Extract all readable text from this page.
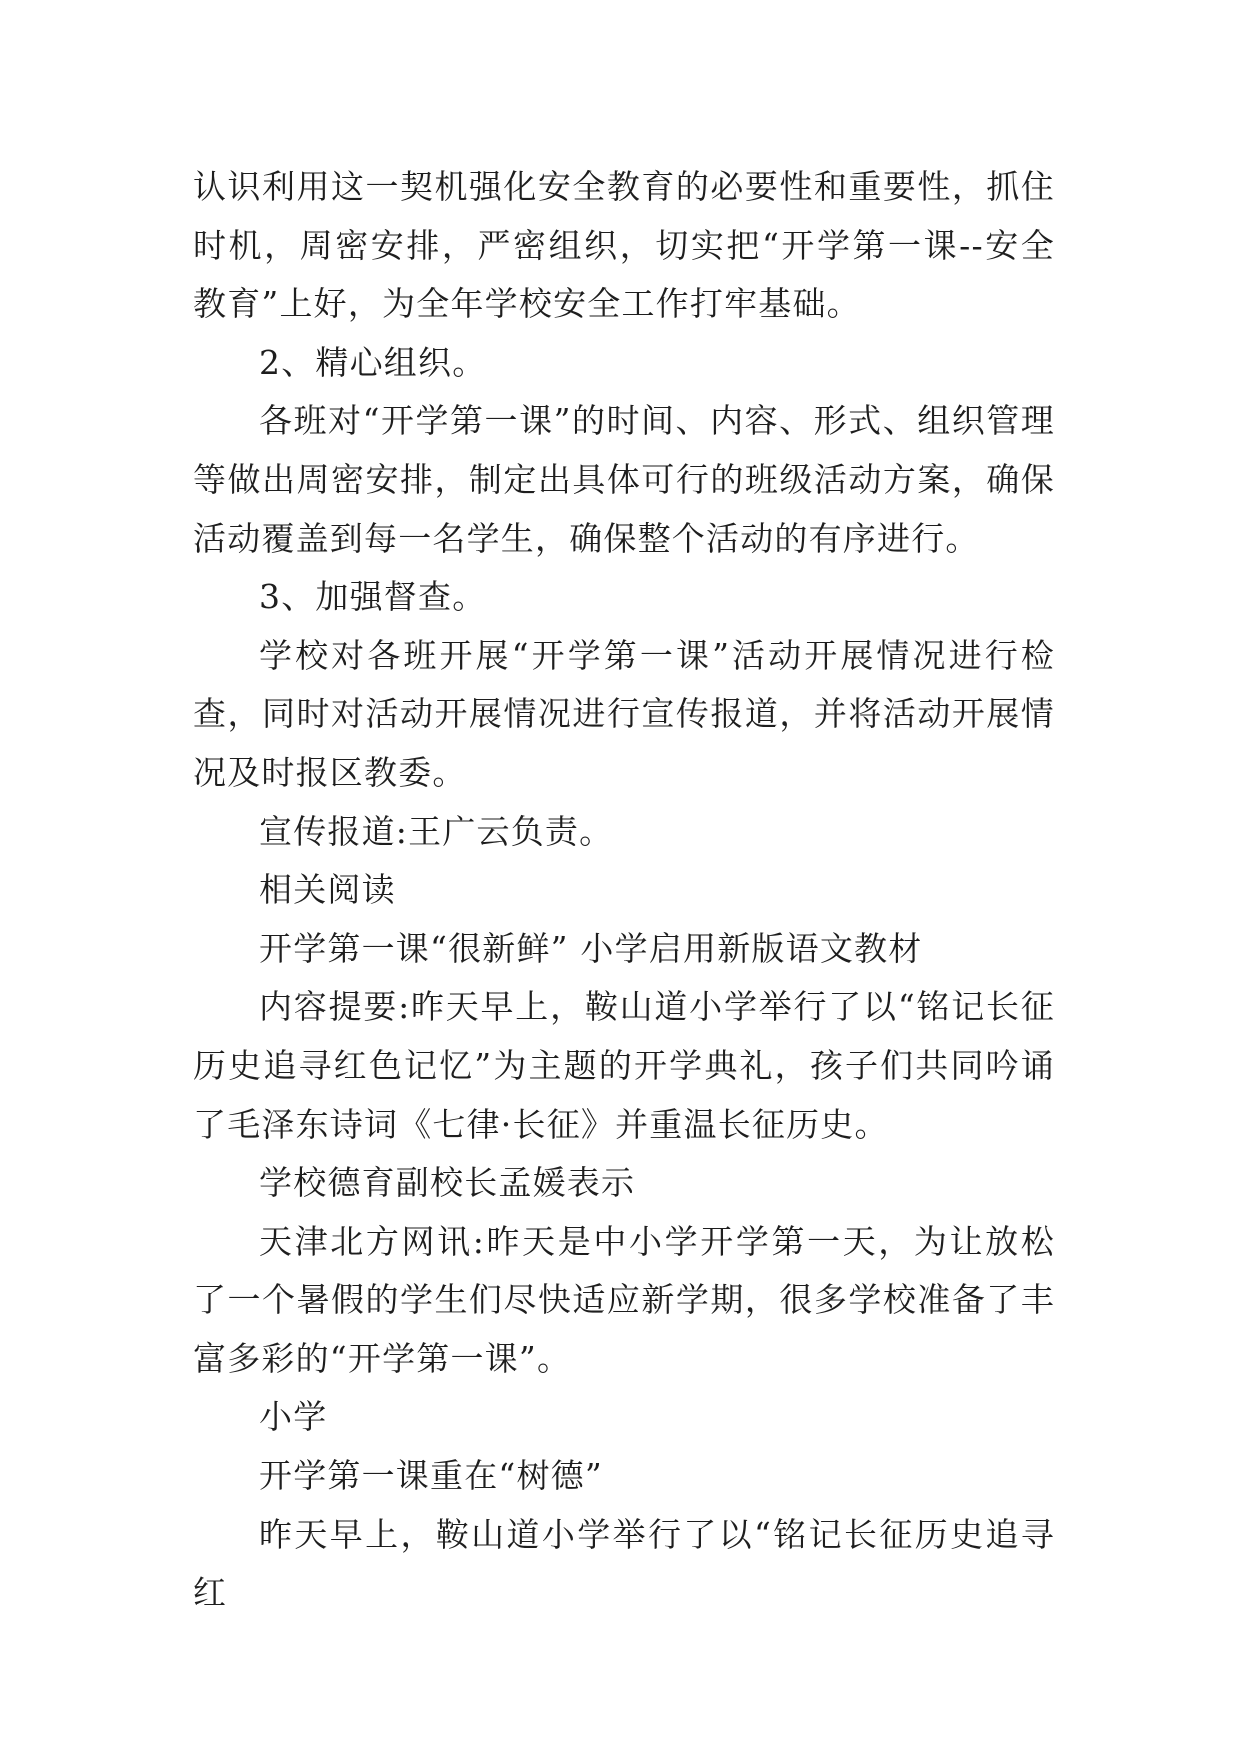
认识利用这一契机强化安全教育的必要性和重要性，抓住时机，周密安排，严密组织，切实把“开学第一课--安全教育”上好，为全年学校安全工作打牢基础。

2、精心组织。

各班对“开学第一课”的时间、内容、形式、组织管理等做出周密安排，制定出具体可行的班级活动方案，确保活动覆盖到每一名学生，确保整个活动的有序进行。

3、加强督查。

学校对各班开展“开学第一课”活动开展情况进行检查，同时对活动开展情况进行宣传报道，并将活动开展情况及时报区教委。

宣传报道:王广云负责。

相关阅读

开学第一课“很新鲜” 小学启用新版语文教材

内容提要:昨天早上，鞍山道小学举行了以“铭记长征历史追寻红色记忆”为主题的开学典礼，孩子们共同吟诵了毛泽东诗词《七律·长征》并重温长征历史。

学校德育副校长孟媛表示

天津北方网讯:昨天是中小学开学第一天，为让放松了一个暑假的学生们尽快适应新学期，很多学校准备了丰富多彩的“开学第一课”。

小学

开学第一课重在“树德”

昨天早上，鞍山道小学举行了以“铭记长征历史追寻红
